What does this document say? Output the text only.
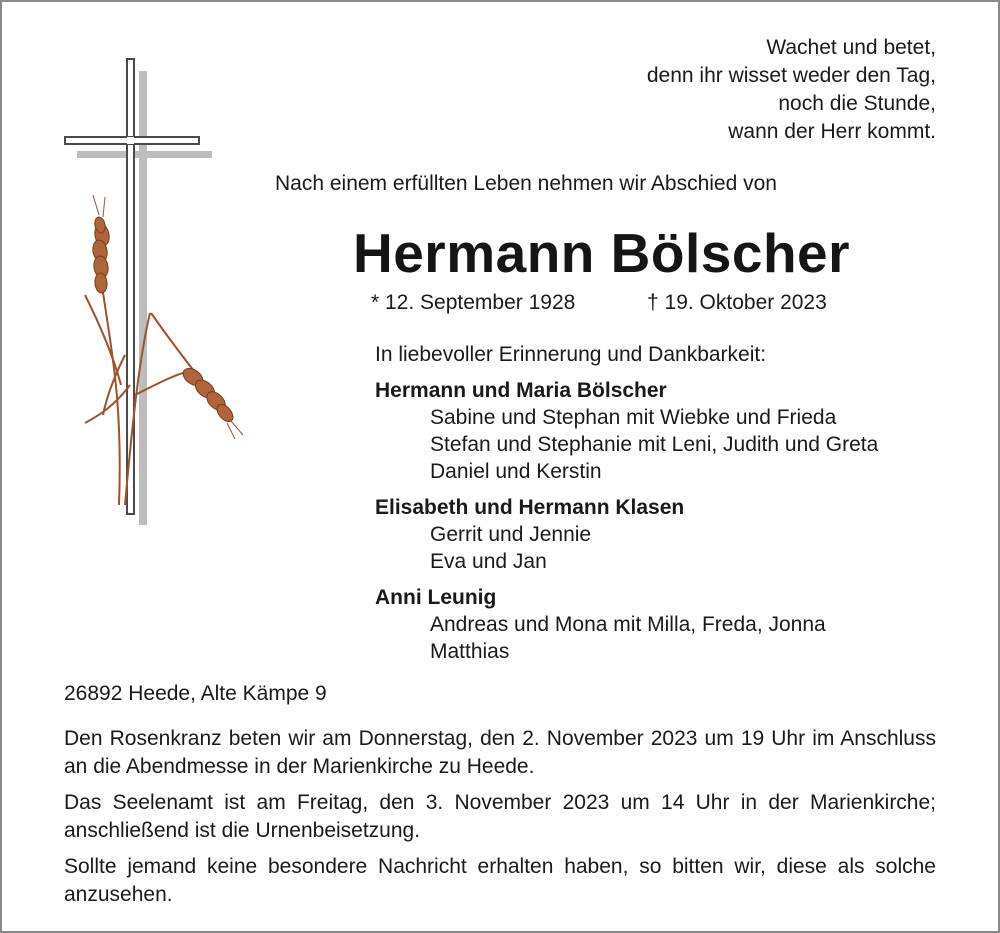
Wachet und betet,
denn ihr wisset weder den Tag,
noch die Stunde,
wann der Herr kommt.
Nach einem erfüllten Leben nehmen wir Abschied von
Hermann Bölscher
* 12. September 1928	† 19. Oktober 2023
In liebevoller Erinnerung und Dankbarkeit:
Hermann und Maria Bölscher
Sabine und Stephan mit Wiebke und Frieda
Stefan und Stephanie mit Leni, Judith und Greta
Daniel und Kerstin
Elisabeth und Hermann Klasen
Gerrit und Jennie
Eva und Jan
Anni Leunig
Andreas und Mona mit Milla, Freda, Jonna
Matthias
26892 Heede, Alte Kämpe 9

Den Rosenkranz beten wir am Donnerstag, den 2. November 2023 um 19 Uhr im Anschluss an die Abendmesse in der Marienkirche zu Heede.

Das Seelenamt ist am Freitag, den 3. November 2023 um 14 Uhr in der Marienkirche; anschließend ist die Urnenbeisetzung.

Sollte jemand keine besondere Nachricht erhalten haben, so bitten wir, diese als solche anzusehen.
